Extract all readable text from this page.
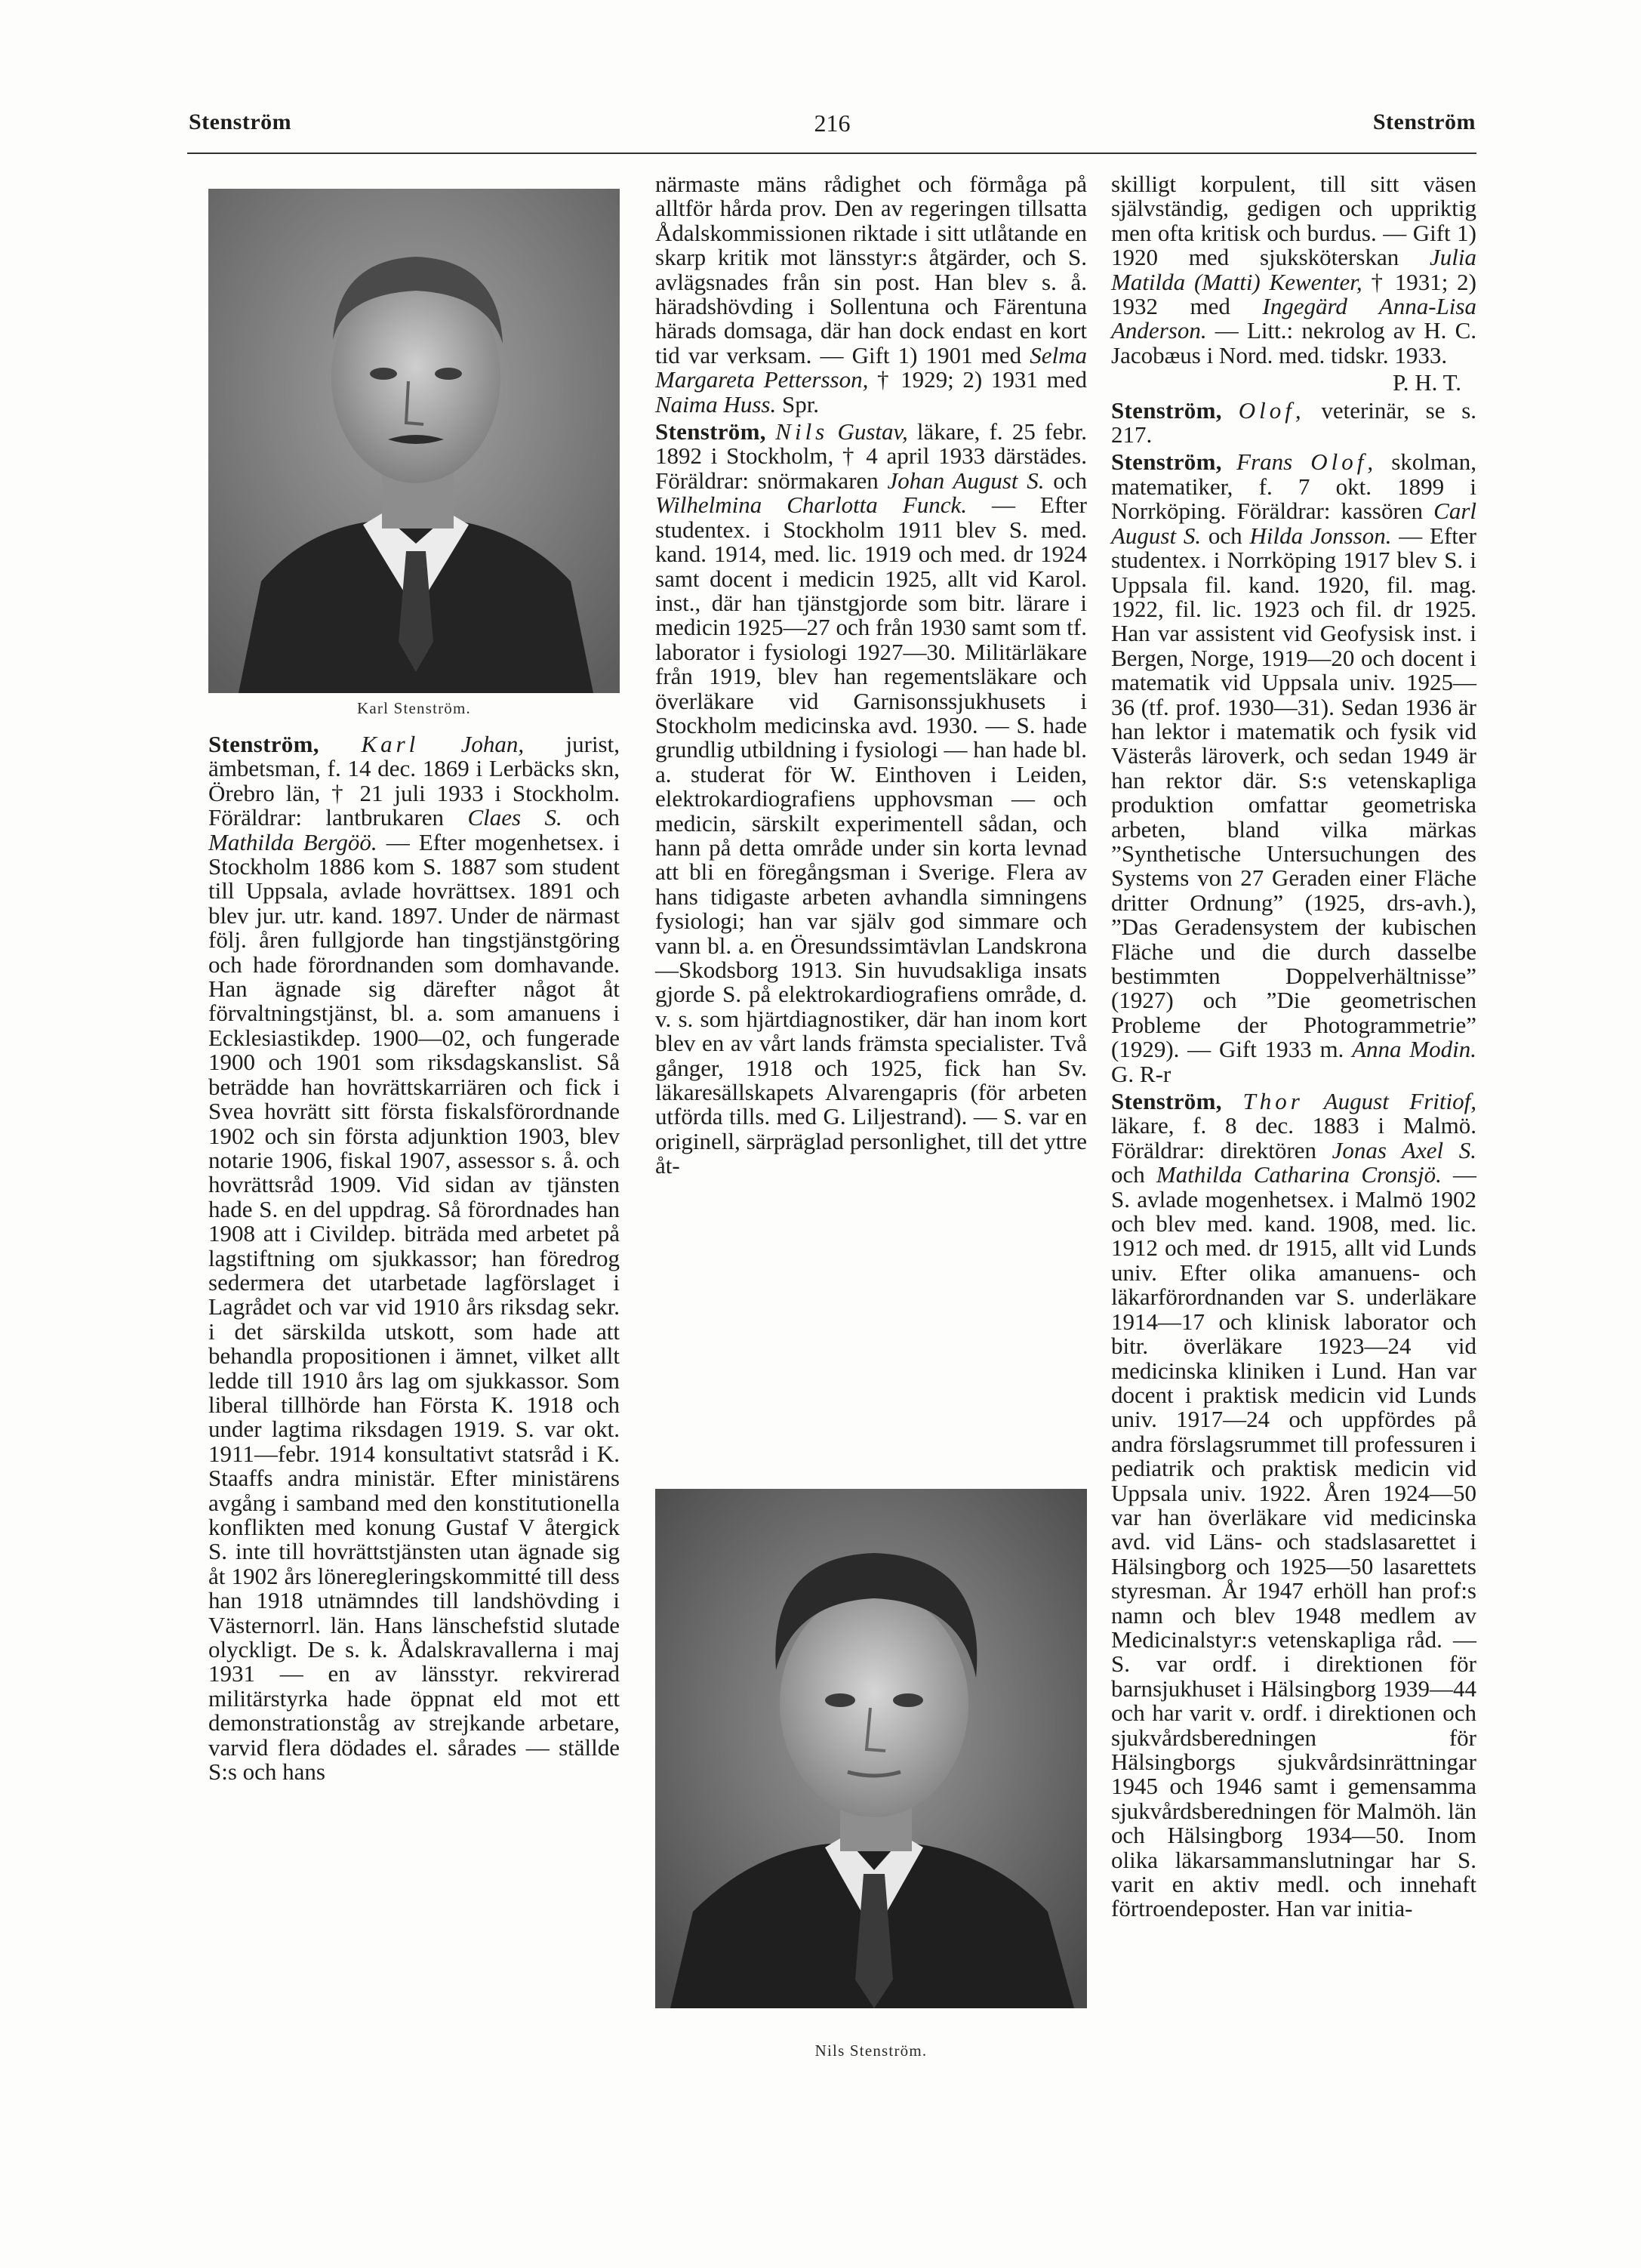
Stenström	216	Stenström
Karl Stenström.

Stenström, Karl Johan, jurist, ämbetsman, f. 14 dec. 1869 i Lerbäcks skn, Örebro län, † 21 juli 1933 i Stockholm. Föräldrar: lantbrukaren Claes S. och Mathilda Bergöö. — Efter mogenhetsex. i Stockholm 1886 kom S. 1887 som student till Uppsala, avlade hovrättsex. 1891 och blev jur. utr. kand. 1897. Under de närmast följ. åren fullgjorde han tingstjänstgöring och hade förordnanden som domhavande. Han ägnade sig därefter något åt förvaltningstjänst, bl. a. som amanuens i Ecklesiastikdep. 1900—02, och fungerade 1900 och 1901 som riksdagskanslist. Så beträdde han hovrättskarriären och fick i Svea hovrätt sitt första fiskalsförordnande 1902 och sin första adjunktion 1903, blev notarie 1906, fiskal 1907, assessor s. å. och hovrättsråd 1909. Vid sidan av tjänsten hade S. en del uppdrag. Så förordnades han 1908 att i Civildep. biträda med arbetet på lagstiftning om sjukkassor; han föredrog sedermera det utarbetade lagförslaget i Lagrådet och var vid 1910 års riksdag sekr. i det särskilda utskott, som hade att behandla propositionen i ämnet, vilket allt ledde till 1910 års lag om sjukkassor. Som liberal tillhörde han Första K. 1918 och under lagtima riksdagen 1919. S. var okt. 1911—febr. 1914 konsultativt statsråd i K. Staaffs andra ministär. Efter ministärens avgång i samband med den konstitutionella konflikten med konung Gustaf V återgick S. inte till hovrättstjänsten utan ägnade sig åt 1902 års löneregleringskommitté till dess han 1918 utnämndes till landshövding i Västernorrl. län. Hans länschefstid slutade olyckligt. De s. k. Ådalskravallerna i maj 1931 — en av länsstyr. rekvirerad militärstyrka hade öppnat eld mot ett demonstrationståg av strejkande arbetare, varvid flera dödades el. sårades — ställde S:s och hans

närmaste mäns rådighet och förmåga på alltför hårda prov. Den av regeringen tillsatta Ådalskommissionen riktade i sitt utlåtande en skarp kritik mot länsstyr:s åtgärder, och S. avlägsnades från sin post. Han blev s. å. häradshövding i Sollentuna och Färentuna härads domsaga, där han dock endast en kort tid var verksam. — Gift 1) 1901 med Selma Margareta Pettersson, † 1929; 2) 1931 med Naima Huss. Spr.

Stenström, Nils Gustav, läkare, f. 25 febr. 1892 i Stockholm, † 4 april 1933 därstädes. Föräldrar: snörmakaren Johan August S. och Wilhelmina Charlotta Funck. — Efter studentex. i Stockholm 1911 blev S. med. kand. 1914, med. lic. 1919 och med. dr 1924 samt docent i medicin 1925, allt vid Karol. inst., där han tjänstgjorde som bitr. lärare i medicin 1925—27 och från 1930 samt som tf. laborator i fysiologi 1927—30. Militärläkare från 1919, blev han regementsläkare och överläkare vid Garnisonssjukhusets i Stockholm medicinska avd. 1930. — S. hade grundlig utbildning i fysiologi — han hade bl. a. studerat för W. Einthoven i Leiden, elektrokardiografiens upphovsman — och medicin, särskilt experimentell sådan, och hann på detta område under sin korta levnad att bli en föregångsman i Sverige. Flera av hans tidigaste arbeten avhandla simningens fysiologi; han var själv god simmare och vann bl. a. en Öresundssimtävlan Landskrona—Skodsborg 1913. Sin huvudsakliga insats gjorde S. på elektrokardiografiens område, d. v. s. som hjärtdiagnostiker, där han inom kort blev en av vårt lands främsta specialister. Två gånger, 1918 och 1925, fick han Sv. läkaresällskapets Alvarengapris (för arbeten utförda tills. med G. Liljestrand). — S. var en originell, särpräglad personlighet, till det yttre åt-

Nils Stenström.

skilligt korpulent, till sitt väsen självständig, gedigen och uppriktig men ofta kritisk och burdus. — Gift 1) 1920 med sjuksköterskan Julia Matilda (Matti) Kewenter, † 1931; 2) 1932 med Ingegärd Anna-Lisa Anderson. — Litt.: nekrolog av H. C. Jacobæus i Nord. med. tidskr. 1933.

P. H. T.

Stenström, Olof, veterinär, se s. 217.

Stenström, Frans Olof, skolman, matematiker, f. 7 okt. 1899 i Norrköping. Föräldrar: kassören Carl August S. och Hilda Jonsson. — Efter studentex. i Norrköping 1917 blev S. i Uppsala fil. kand. 1920, fil. mag. 1922, fil. lic. 1923 och fil. dr 1925. Han var assistent vid Geofysisk inst. i Bergen, Norge, 1919—20 och docent i matematik vid Uppsala univ. 1925—36 (tf. prof. 1930—31). Sedan 1936 är han lektor i matematik och fysik vid Västerås läroverk, och sedan 1949 är han rektor där. S:s vetenskapliga produktion omfattar geometriska arbeten, bland vilka märkas ”Synthetische Untersuchungen des Systems von 27 Geraden einer Fläche dritter Ordnung” (1925, drs-avh.), ”Das Geradensystem der kubischen Fläche und die durch dasselbe bestimmten Doppelverhältnisse” (1927) och ”Die geometrischen Probleme der Photogrammetrie” (1929). — Gift 1933 m. Anna Modin. G. R-r

Stenström, Thor August Fritiof, läkare, f. 8 dec. 1883 i Malmö. Föräldrar: direktören Jonas Axel S. och Mathilda Catharina Cronsjö. — S. avlade mogenhetsex. i Malmö 1902 och blev med. kand. 1908, med. lic. 1912 och med. dr 1915, allt vid Lunds univ. Efter olika amanuens- och läkarförordnanden var S. underläkare 1914—17 och klinisk laborator och bitr. överläkare 1923—24 vid medicinska kliniken i Lund. Han var docent i praktisk medicin vid Lunds univ. 1917—24 och uppfördes på andra förslagsrummet till professuren i pediatrik och praktisk medicin vid Uppsala univ. 1922. Åren 1924—50 var han överläkare vid medicinska avd. vid Läns- och stadslasarettet i Hälsingborg och 1925—50 lasarettets styresman. År 1947 erhöll han prof:s namn och blev 1948 medlem av Medicinalstyr:s vetenskapliga råd. — S. var ordf. i direktionen för barnsjukhuset i Hälsingborg 1939—44 och har varit v. ordf. i direktionen och sjukvårdsberedningen för Hälsingborgs sjukvårdsinrättningar 1945 och 1946 samt i gemensamma sjukvårdsberedningen för Malmöh. län och Hälsingborg 1934—50. Inom olika läkarsammanslutningar har S. varit en aktiv medl. och innehaft förtroendeposter. Han var initia-
